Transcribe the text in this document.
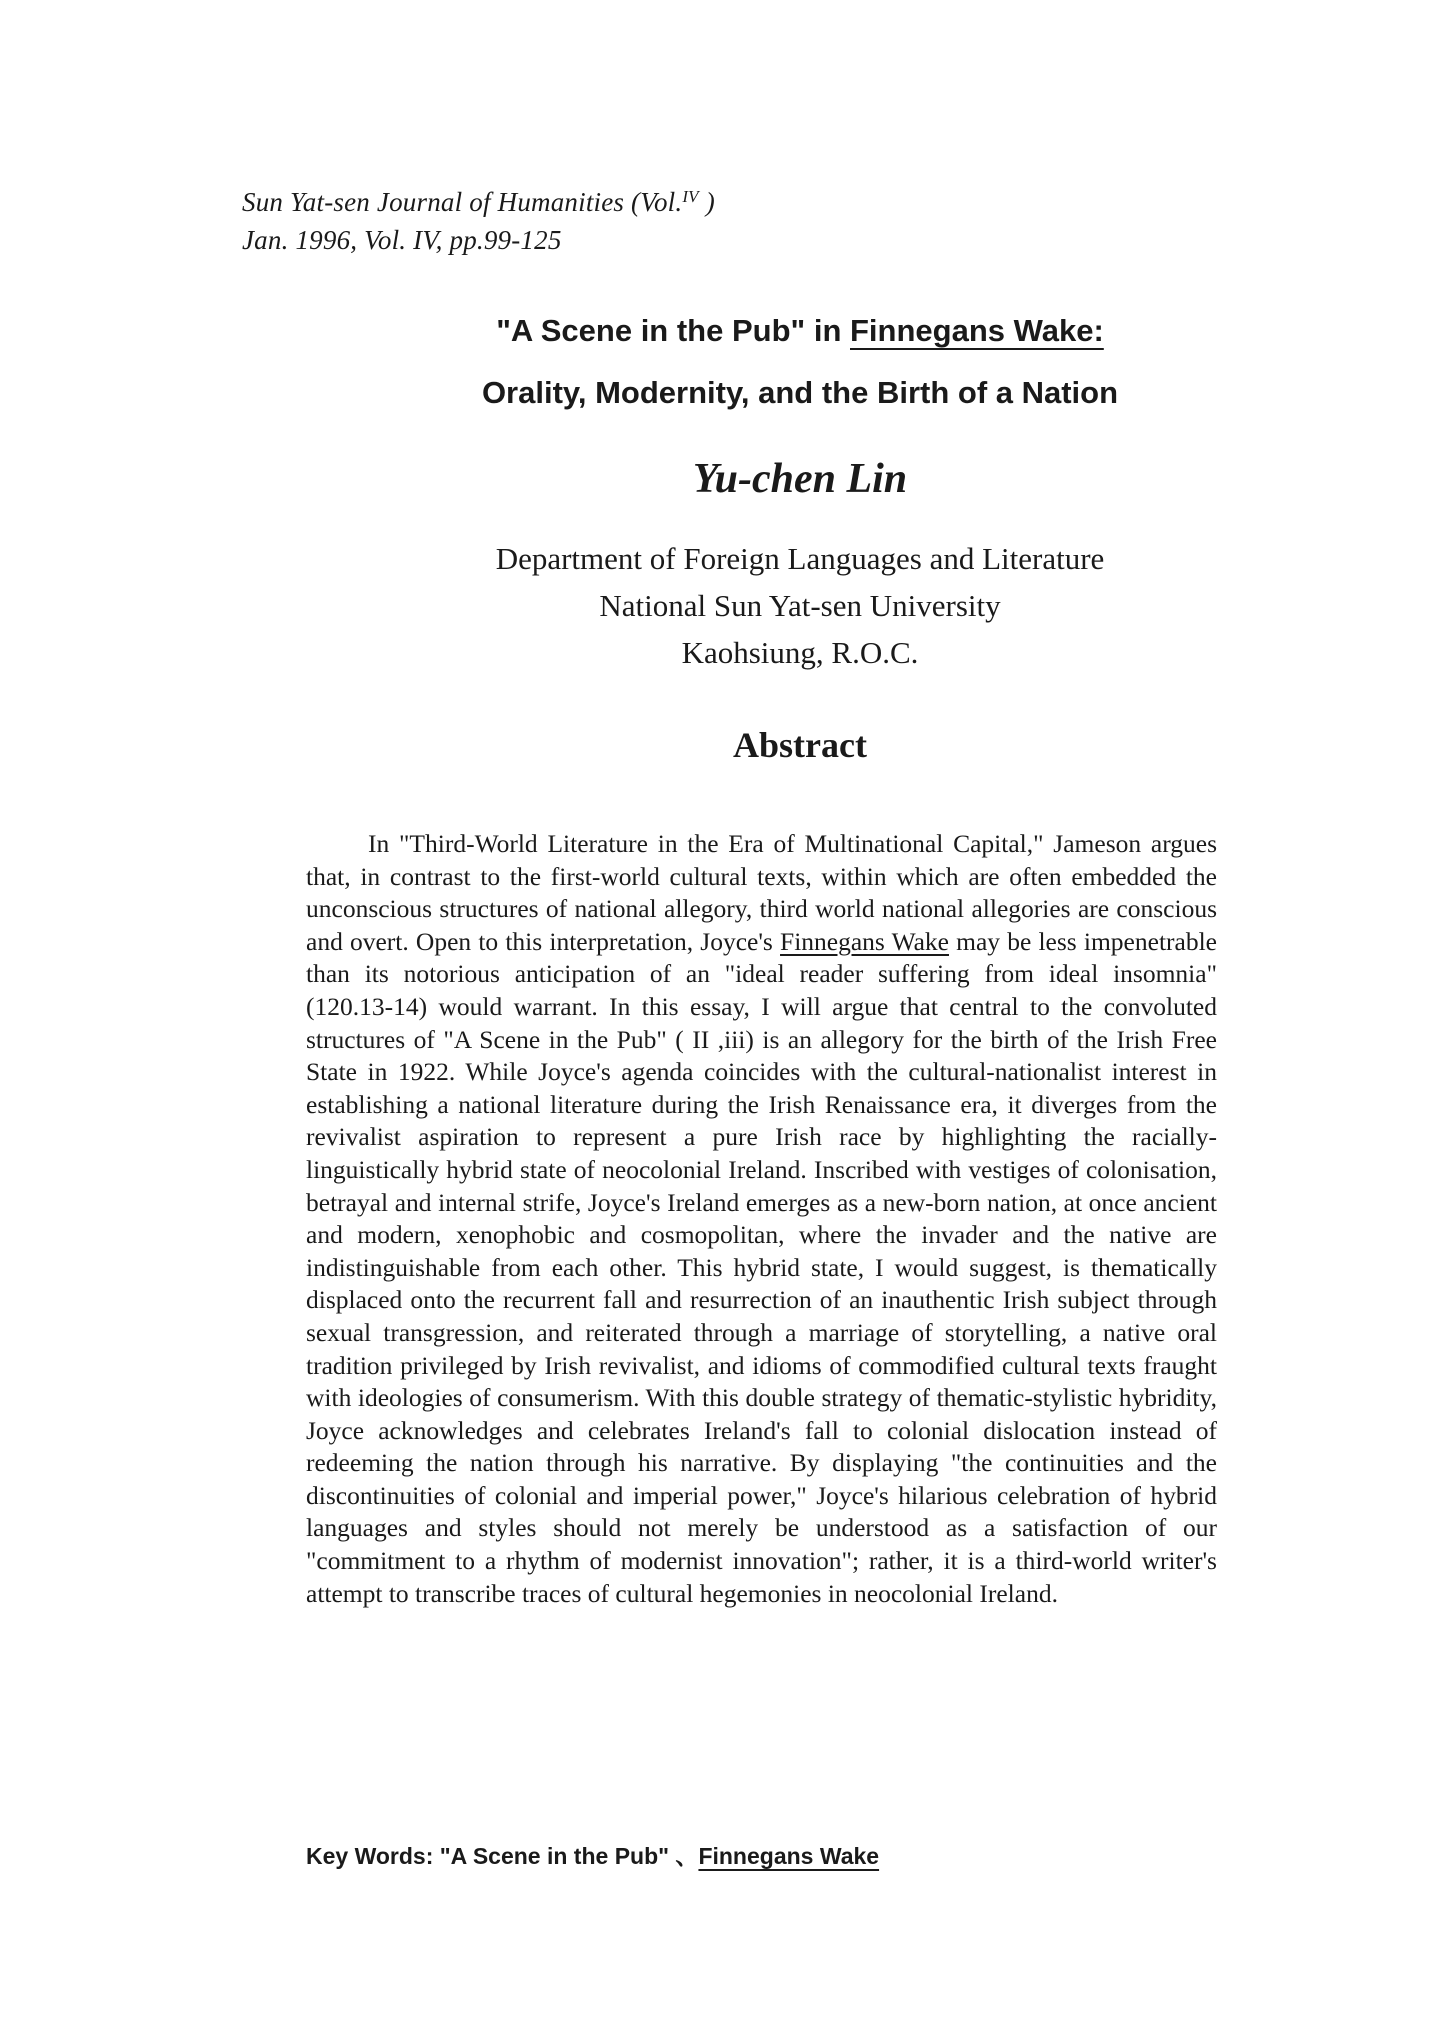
Sun Yat-sen Journal of Humanities (Vol.$^{IV}$ )
Jan. 1996, Vol. IV, pp.99-125
"A Scene in the Pub" in Finnegans Wake:
Orality, Modernity, and the Birth of a Nation
Yu-chen Lin
Department of Foreign Languages and Literature
National Sun Yat-sen University
Kaohsiung, R.O.C.
Abstract
In "Third-World Literature in the Era of Multinational Capital," Jameson argues that, in contrast to the first-world cultural texts, within which are often embedded the unconscious structures of national allegory, third world national allegories are conscious and overt. Open to this interpretation, Joyce's Finnegans Wake may be less impenetrable than its notorious anticipation of an "ideal reader suffering from ideal insomnia" (120.13-14) would warrant. In this essay, I will argue that central to the convoluted structures of "A Scene in the Pub" ( II ,iii) is an allegory for the birth of the Irish Free State in 1922. While Joyce's agenda coincides with the cultural-nationalist interest in establishing a national literature during the Irish Renaissance era, it diverges from the revivalist aspiration to represent a pure Irish race by highlighting the racially-linguistically hybrid state of neocolonial Ireland. Inscribed with vestiges of colonisation, betrayal and internal strife, Joyce's Ireland emerges as a new-born nation, at once ancient and modern, xenophobic and cosmopolitan, where the invader and the native are indistinguishable from each other. This hybrid state, I would suggest, is thematically displaced onto the recurrent fall and resurrection of an inauthentic Irish subject through sexual transgression, and reiterated through a marriage of storytelling, a native oral tradition privileged by Irish revivalist, and idioms of commodified cultural texts fraught with ideologies of consumerism. With this double strategy of thematic-stylistic hybridity, Joyce acknowledges and celebrates Ireland's fall to colonial dislocation instead of redeeming the nation through his narrative. By displaying "the continuities and the discontinuities of colonial and imperial power," Joyce's hilarious celebration of hybrid languages and styles should not merely be understood as a satisfaction of our "commitment to a rhythm of modernist innovation"; rather, it is a third-world writer's attempt to transcribe traces of cultural hegemonies in neocolonial Ireland.
Key Words: "A Scene in the Pub" 、Finnegans Wake
